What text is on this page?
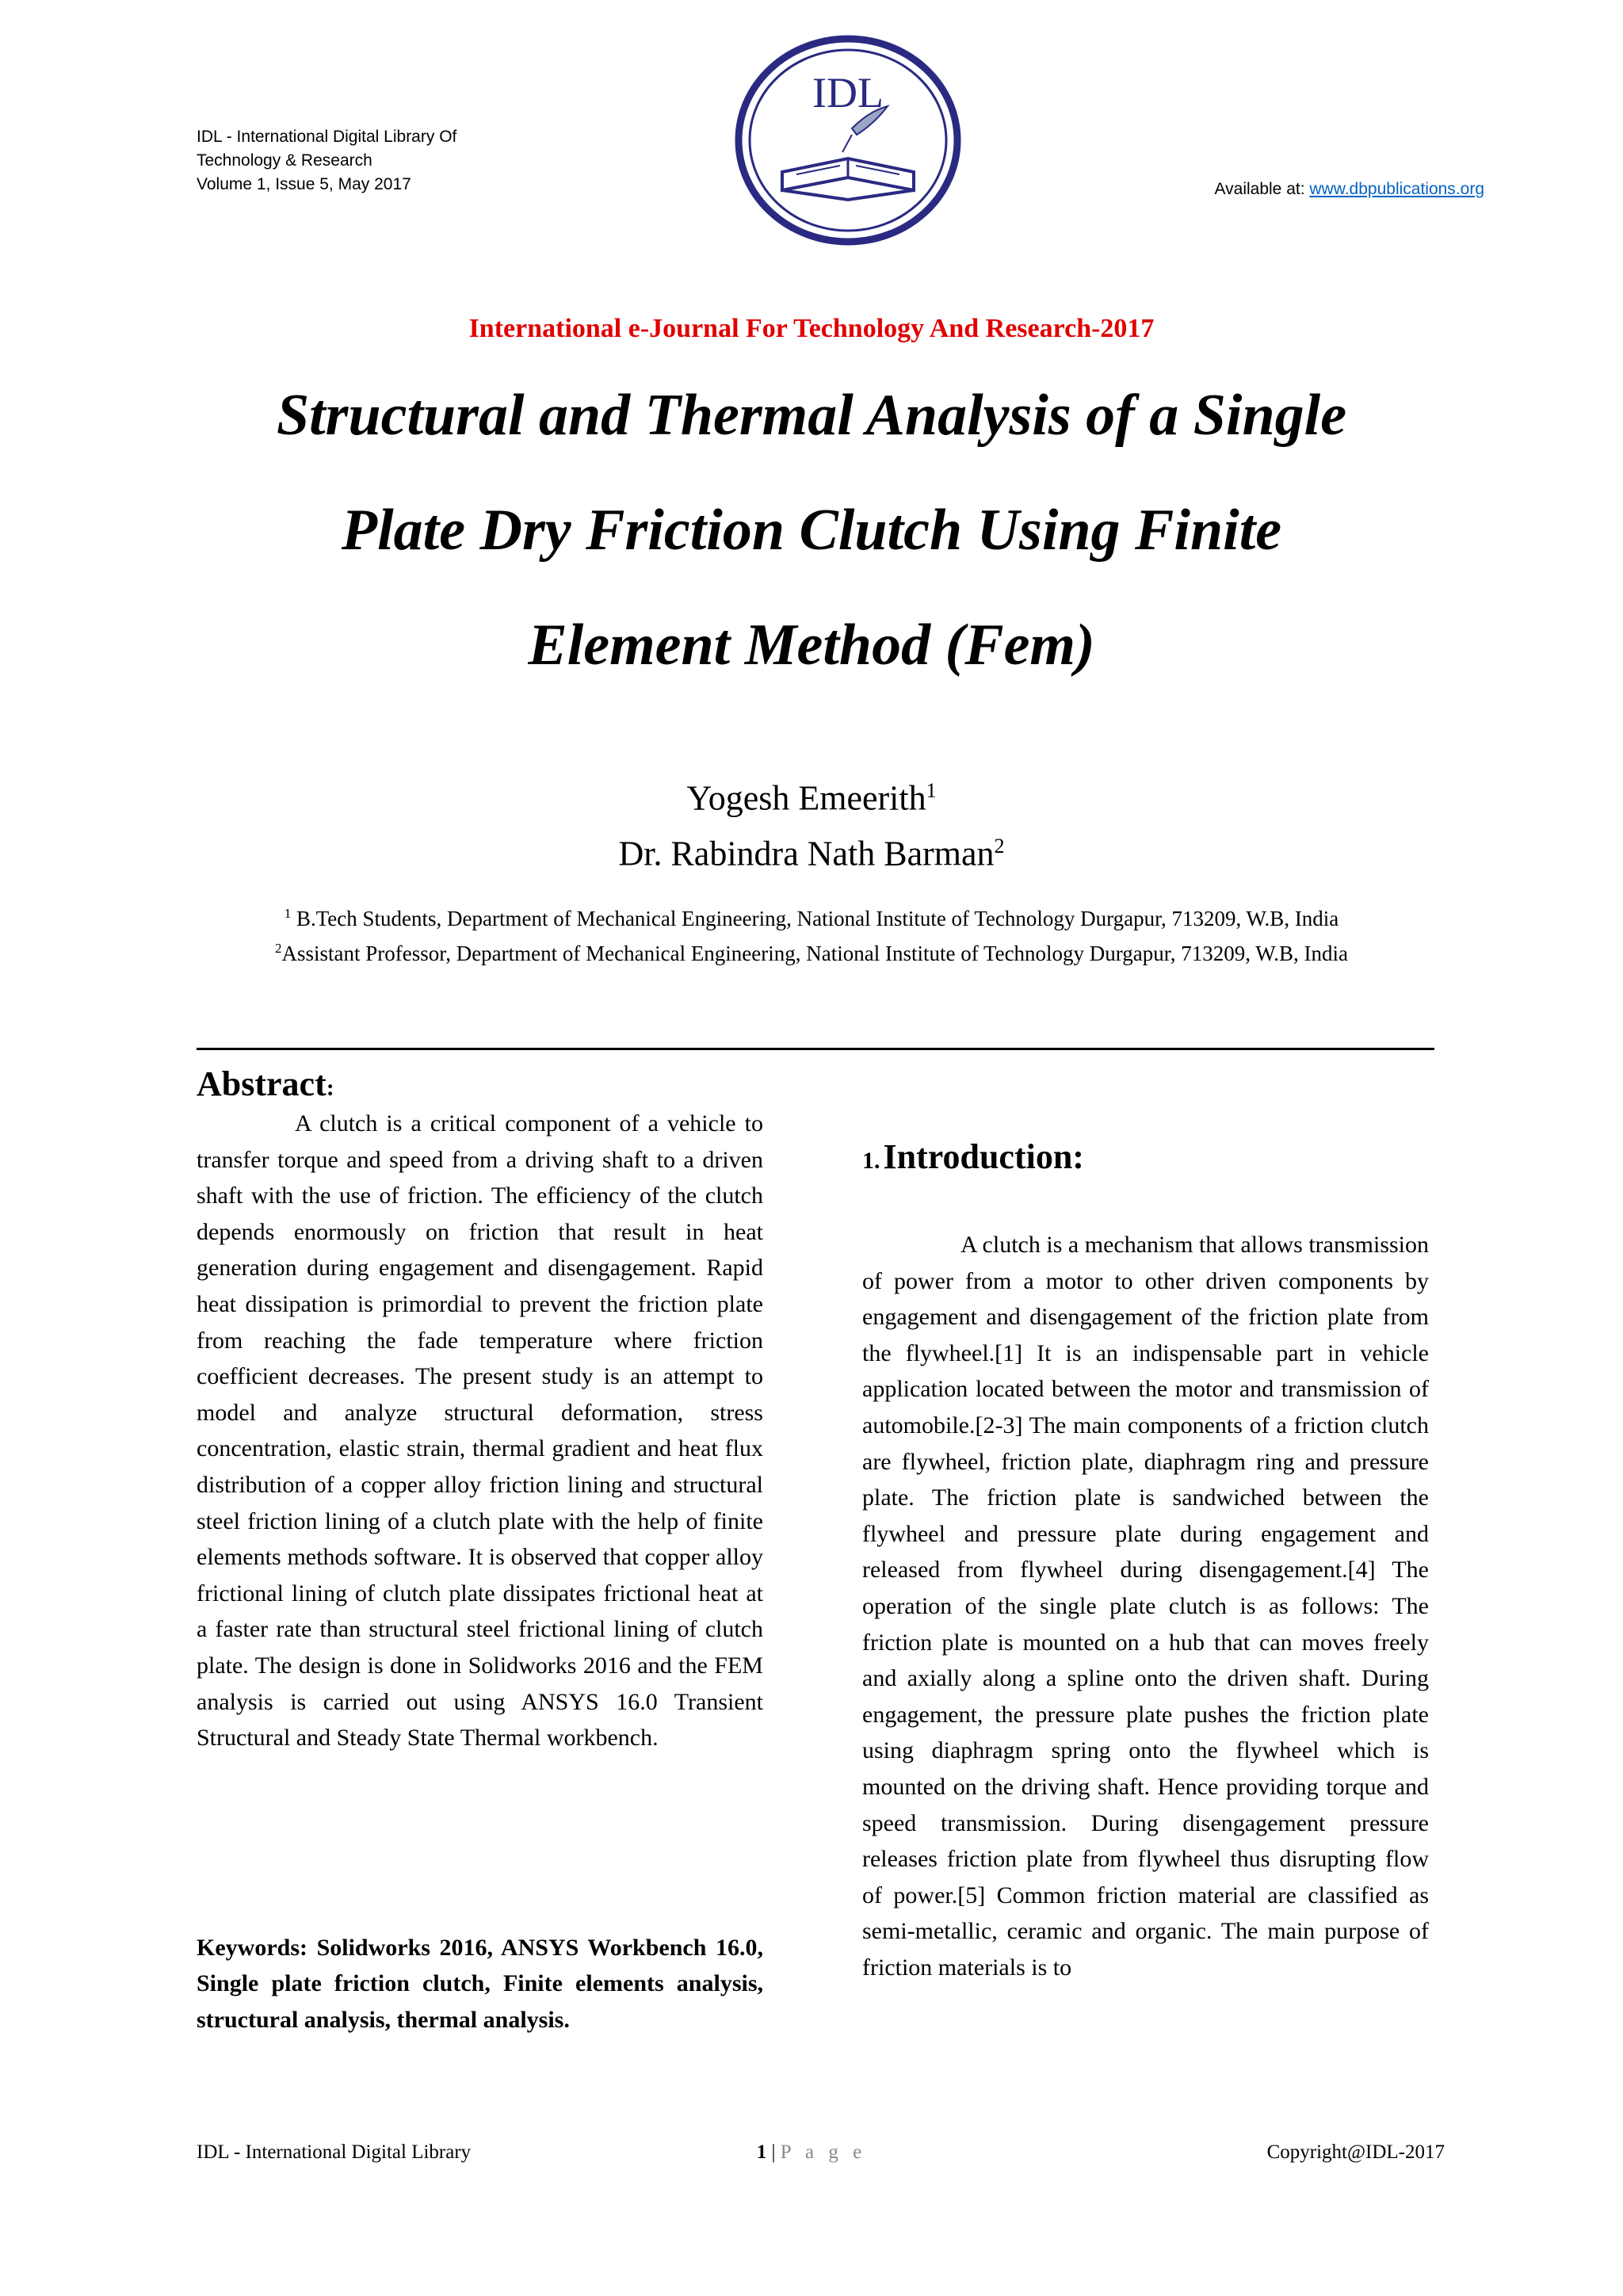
IDL - International Digital Library Of
Technology & Research
Volume 1, Issue 5, May 2017
IDL
Available at: www.dbpublications.org
International e-Journal For Technology And Research-2017
Structural and Thermal Analysis of a Single
Plate Dry Friction Clutch Using Finite
Element Method (Fem)
Yogesh Emeerith$^1$
Dr. Rabindra Nath Barman$^2$
$^1$ B.Tech Students, Department of Mechanical Engineering, National Institute of Technology Durgapur, 713209, W.B, India
$^2$Assistant Professor, Department of Mechanical Engineering, National Institute of Technology Durgapur, 713209, W.B, India
Abstract:

A clutch is a critical component of a vehicle to transfer torque and speed from a driving shaft to a driven shaft with the use of friction. The efficiency of the clutch depends enormously on friction that result in heat generation during engagement and disengagement. Rapid heat dissipation is primordial to prevent the friction plate from reaching the fade temperature where friction coefficient decreases. The present study is an attempt to model and analyze structural deformation, stress concentration, elastic strain, thermal gradient and heat flux distribution of a copper alloy friction lining and structural steel friction lining of a clutch plate with the help of finite elements methods software. It is observed that copper alloy frictional lining of clutch plate dissipates frictional heat at a faster rate than structural steel frictional lining of clutch plate. The design is done in Solidworks 2016 and the FEM analysis is carried out using ANSYS 16.0 Transient Structural and Steady State Thermal workbench.

Keywords: Solidworks 2016, ANSYS Workbench 16.0, Single plate friction clutch, Finite elements analysis, structural analysis, thermal analysis.
1. Introduction:

A clutch is a mechanism that allows transmission of power from a motor to other driven components by engagement and disengagement of the friction plate from the flywheel.[1] It is an indispensable part in vehicle application located between the motor and transmission of automobile.[2-3] The main components of a friction clutch are flywheel, friction plate, diaphragm ring and pressure plate. The friction plate is sandwiched between the flywheel and pressure plate during engagement and released from flywheel during disengagement.[4] The operation of the single plate clutch is as follows: The friction plate is mounted on a hub that can moves freely and axially along a spline onto the driven shaft. During engagement, the pressure plate pushes the friction plate using diaphragm spring onto the flywheel which is mounted on the driving shaft. Hence providing torque and speed transmission. During disengagement pressure releases friction plate from flywheel thus disrupting flow of power.[5] Common friction material are classified as semi-metallic, ceramic and organic. The main purpose of friction materials is to

IDL - International Digital Library	1 | P a g e	Copyright@IDL-2017
